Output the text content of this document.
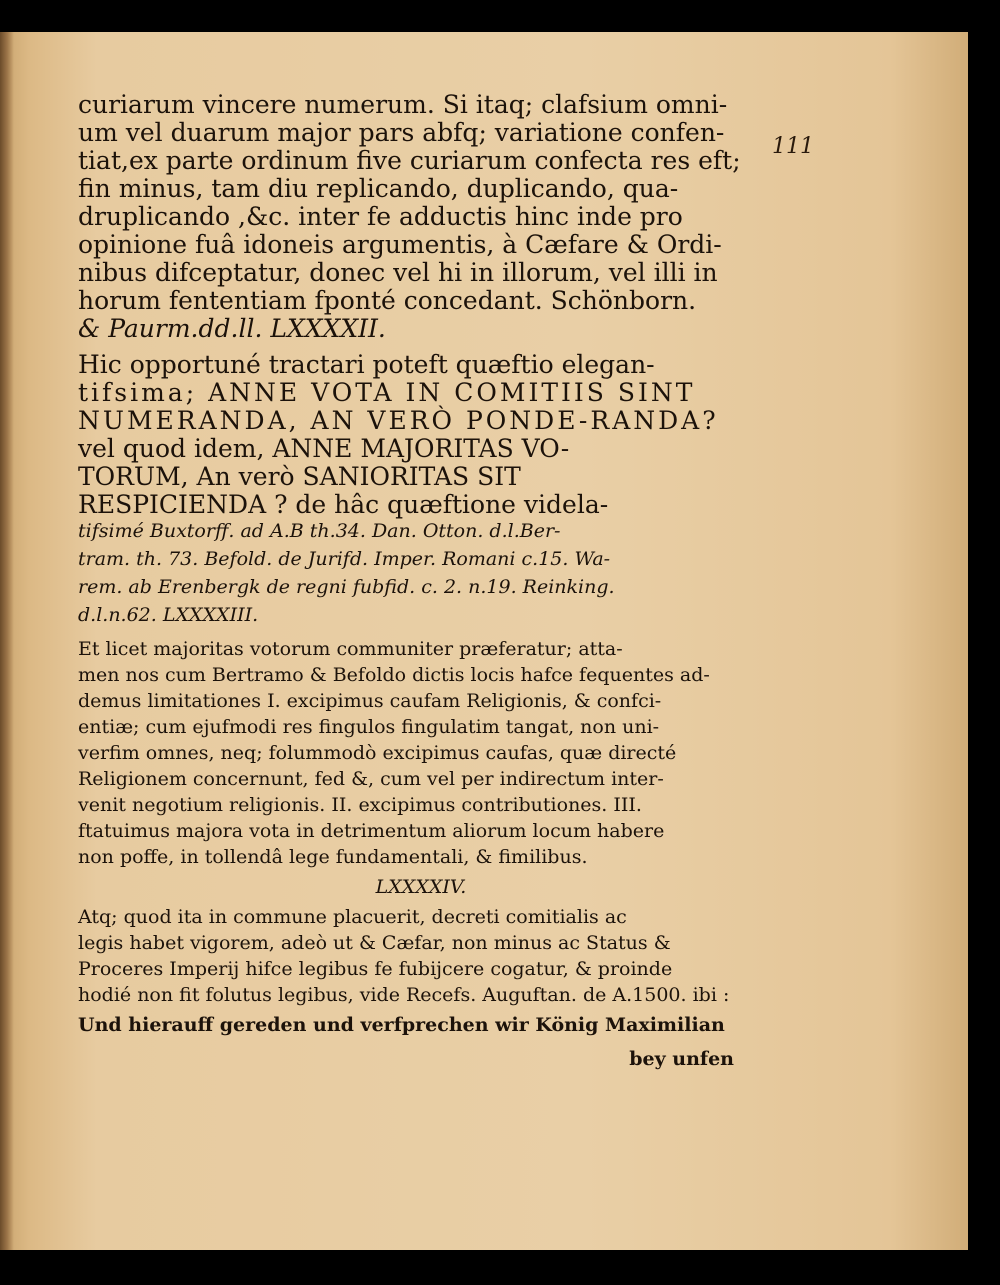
111
curiarum vincere numerum. Si itaq; clafsium omni-
um vel duarum major pars abfq; variatione confen-
tiat,ex parte ordinum five curiarum confecta res eft;
fin minus, tam diu replicando, duplicando, qua-
druplicando ,&c. inter fe adductis hinc inde pro
opinione fuâ idoneis argumentis, à Cæfare & Ordi-
nibus difceptatur, donec vel hi in illorum, vel illi in
horum fententiam fponté concedant. Schönborn.
& Paurm.dd.ll. LXXXXII.
Hic opportuné tractari poteft quæftio elegan-
tifsima; ANNE VOTA IN COMITIIS SINT
NUMERANDA, AN VERÒ PONDE-RANDA?
vel quod idem, ANNE MAJORITAS VO-
TORUM, An verò SANIORITAS SIT
RESPICIENDA ? de hâc quæftione videla-
tifsimé Buxtorff. ad A.B th.34. Dan. Otton. d.l.Ber-
tram. th. 73. Befold. de Jurifd. Imper. Romani c.15. Wa-
rem. ab Erenbergk de regni fubfid. c. 2. n.19. Reinking.
d.l.n.62. LXXXXIII.
Et licet majoritas votorum communiter præferatur; atta-
men nos cum Bertramo & Befoldo dictis locis hafce fequentes ad-
demus limitationes I. excipimus caufam Religionis, & confci-
entiæ; cum ejufmodi res fingulos fingulatim tangat, non uni-
verfim omnes, neq; folummodò excipimus caufas, quæ directé
Religionem concernunt, fed &, cum vel per indirectum inter-
venit negotium religionis. II. excipimus contributiones. III.
ftatuimus majora vota in detrimentum aliorum locum habere
non poffe, in tollendâ lege fundamentali, & fimilibus.
LXXXXIV.
Atq; quod ita in commune placuerit, decreti comitialis ac
legis habet vigorem, adeò ut & Cæfar, non minus ac Status &
Proceres Imperij hifce legibus fe fubijcere cogatur, & proinde
hodié non fit folutus legibus, vide Recefs. Auguftan. de A.1500. ibi :
Und hierauff gereden und verfprechen wir König Maximilian
bey unfen
